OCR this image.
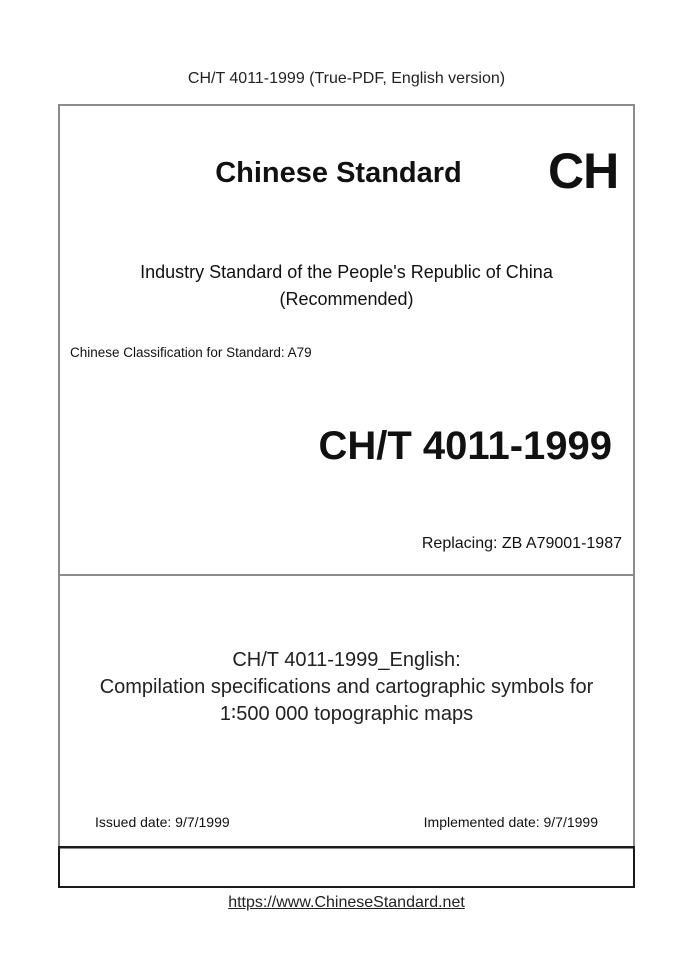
CH/T 4011-1999 (True-PDF, English version)
Chinese Standard	CH
Industry Standard of the People's Republic of China
(Recommended)
Chinese Classification for Standard: A79
CH/T 4011-1999
Replacing: ZB A79001-1987
CH/T 4011-1999_English:
Compilation specifications and cartographic symbols for
1∶500 000 topographic maps
Issued date: 9/7/1999	Implemented date: 9/7/1999
https://www.ChineseStandard.net
